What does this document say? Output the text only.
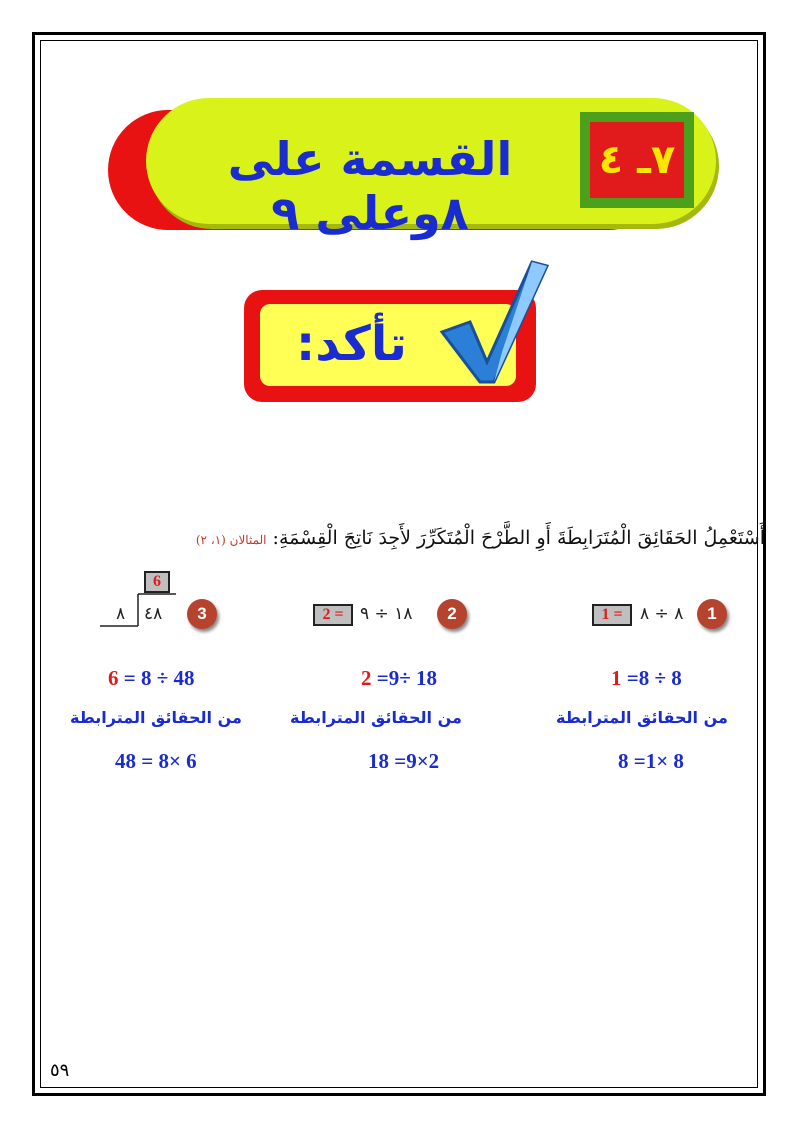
القسمة على ٨وعلى ٩
٧ـ ٤
تأكد:
أَسْتَعْمِلُ الحَقَائِقَ الْمُتَرَابِطَةَ أَوِ الطَّرْحَ الْمُتَكَرِّرَ لأَجِدَ نَاتِجَ الْقِسْمَةِ: المثالان (١، ٢)
1
٨ ÷ ٨
1 =
2
١٨ ÷ ٩
2 =
3
6
٤٨
٨
1 =8 ÷ 8
2 =9÷ 18
6 = 8 ÷ 48
من الحقائق المترابطة
من الحقائق المترابطة
من الحقائق المترابطة
8 =1× 8
18 =9×2
48 = 8× 6
٥٩
